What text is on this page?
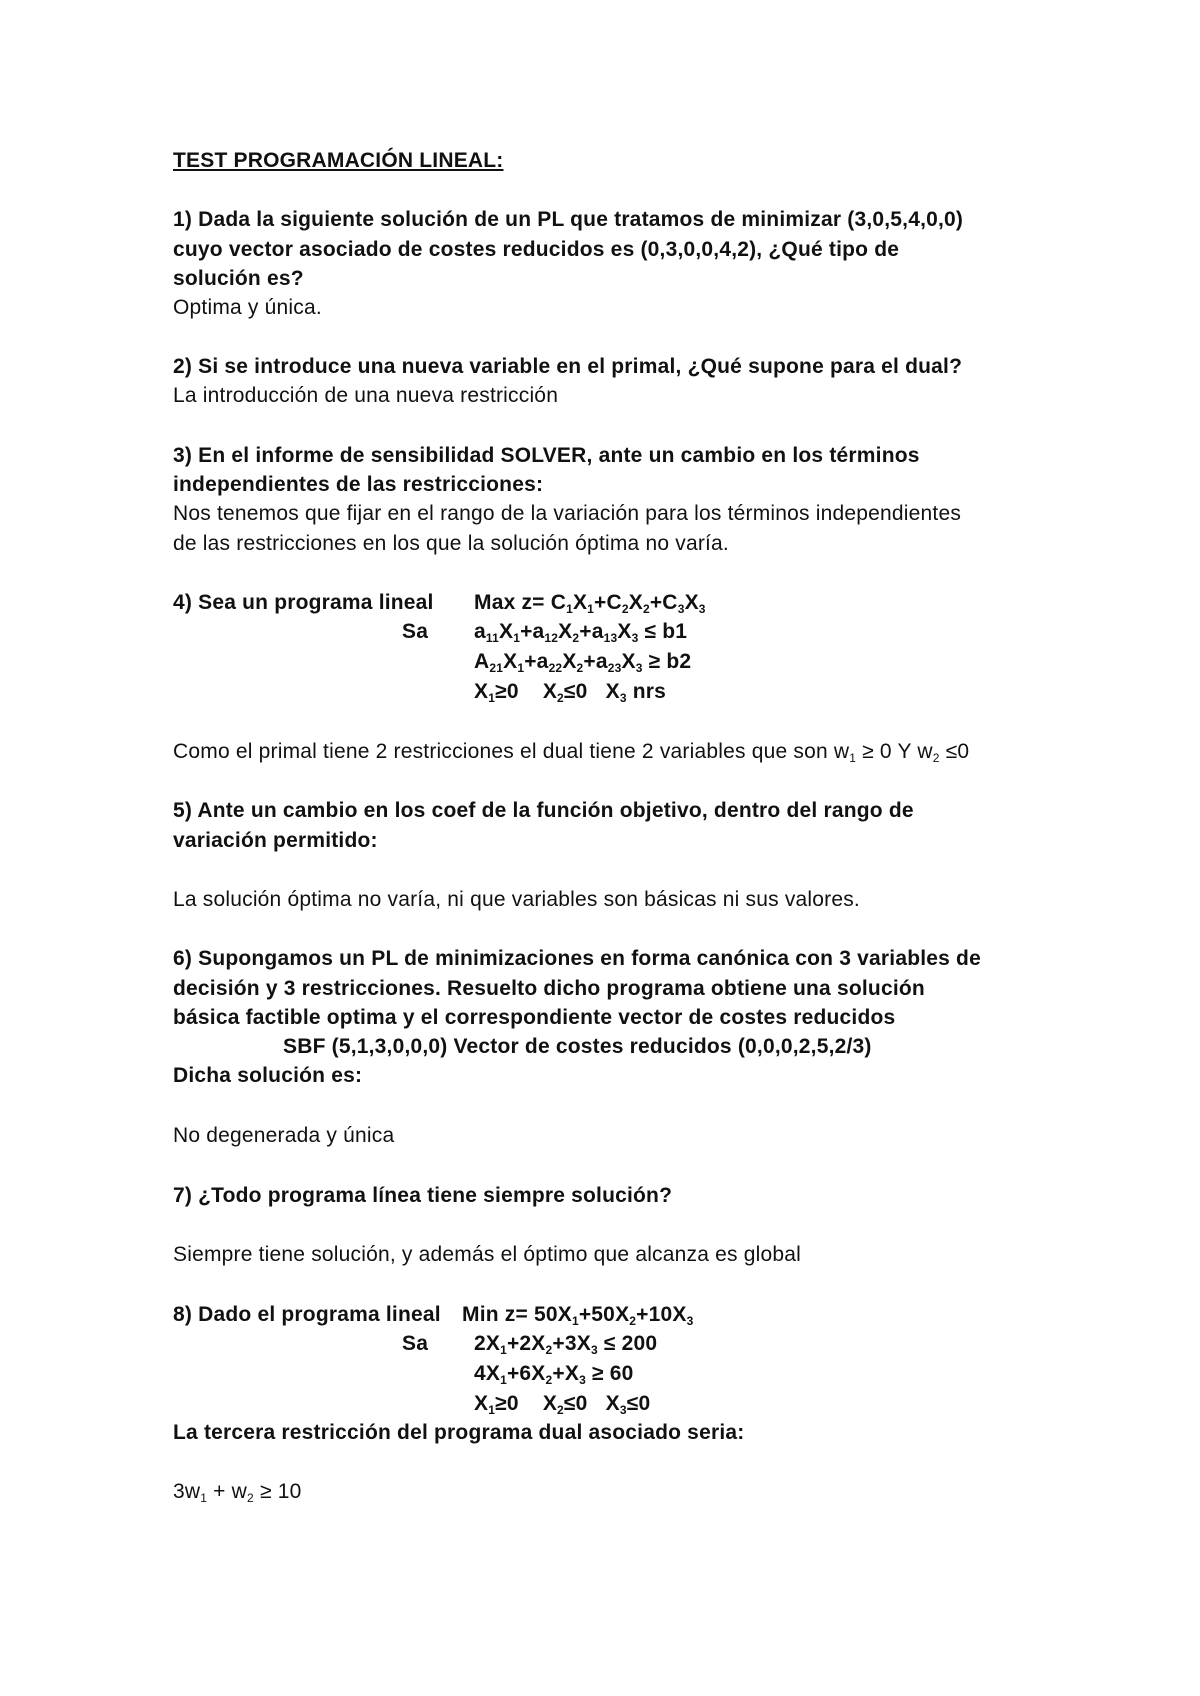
TEST PROGRAMACIÓN LINEAL:
1) Dada la siguiente solución de un PL que tratamos de minimizar (3,0,5,4,0,0)
cuyo vector asociado de costes reducidos es (0,3,0,0,4,2), ¿Qué tipo de
solución es?
Optima y única.
2) Si se introduce una nueva variable en el primal, ¿Qué supone para el dual?
La introducción de una nueva restricción
3) En el informe de sensibilidad SOLVER, ante un cambio en los términos
independientes de las restricciones:
Nos tenemos que fijar en el rango de la variación para los términos independientes
de las restricciones en los que la solución óptima no varía.
4) Sea un programa lineal Max $z= C_1X_1+C_2X_2+C_3X_3$
Sa $a_{11}X_1+a_{12}X_2+a_{13}X_3 \le b1$
$A_{21}X_1+a_{22}X_2+a_{23}X_3 \ge b2$
$X_1\ge 0$    $X_2\le 0$   $X_3$ nrs
Como el primal tiene 2 restricciones el dual tiene 2 variables que son $w_1 \ge 0$ Y $w_2 \le 0$
5) Ante un cambio en los coef de la función objetivo, dentro del rango de
variación permitido:
La solución óptima no varía, ni que variables son básicas ni sus valores.
6) Supongamos un PL de minimizaciones en forma canónica con 3 variables de
decisión y 3 restricciones. Resuelto dicho programa obtiene una solución
básica factible optima y el correspondiente vector de costes reducidos
SBF (5,1,3,0,0,0) Vector de costes reducidos (0,0,0,2,5,2/3)
Dicha solución es:
No degenerada y única
7) ¿Todo programa línea tiene siempre solución?
Siempre tiene solución, y además el óptimo que alcanza es global
8) Dado el programa lineal Min $z= 50X_1+50X_2+10X_3$
Sa $2X_1+2X_2+3X_3 \le 200$
$4X_1+6X_2+X_3 \ge 60$
$X_1\ge 0$    $X_2\le 0$   $X_3\le 0$
La tercera restricción del programa dual asociado seria:
$3w_1 + w_2 \ge 10$
